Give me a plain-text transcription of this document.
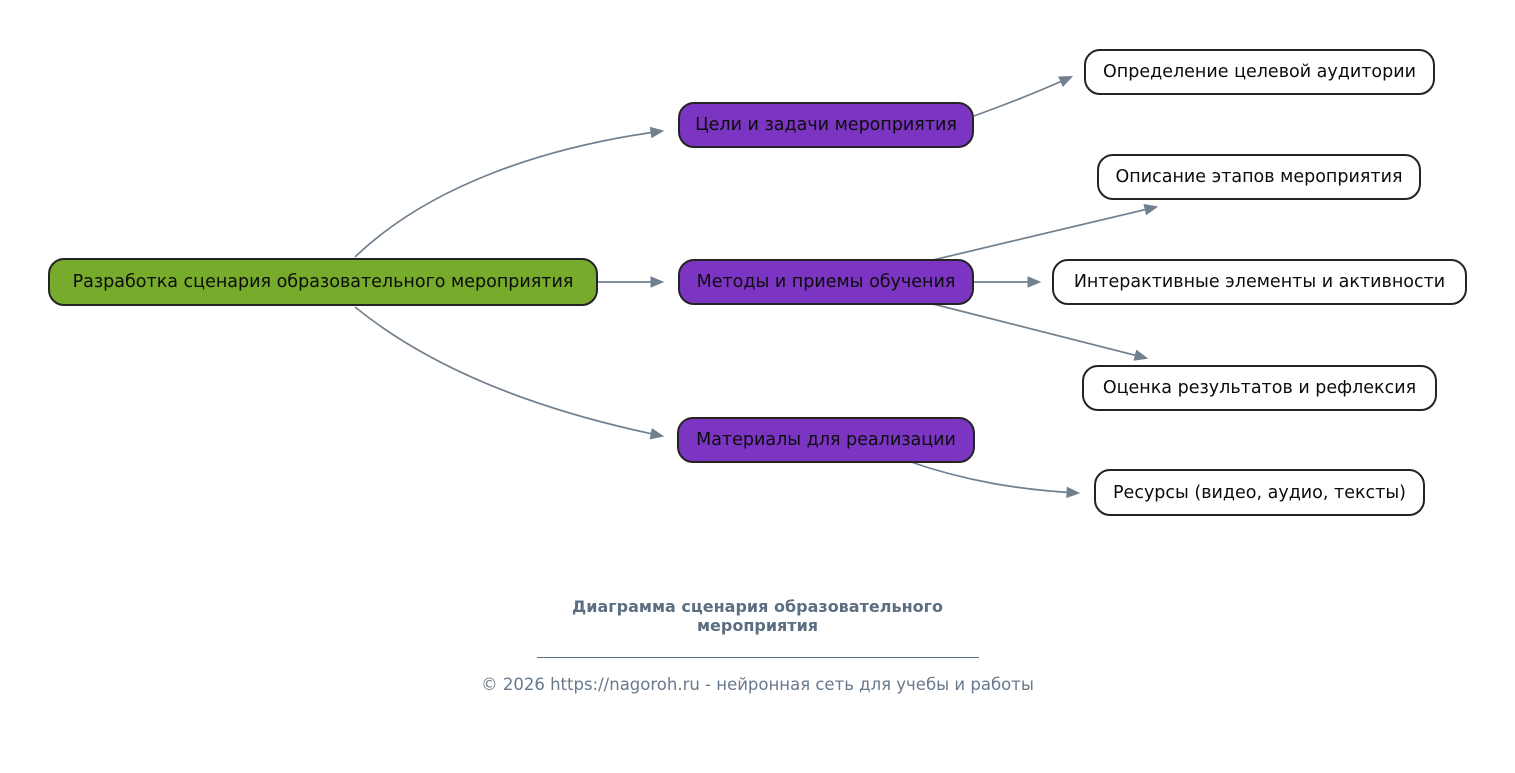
Разработка сценария образовательного мероприятия
Цели и задачи мероприятия
Методы и приемы обучения
Материалы для реализации
Определение целевой аудитории
Описание этапов мероприятия
Интерактивные элементы и активности
Оценка результатов и рефлексия
Ресурсы (видео, аудио, тексты)
Диаграмма сценария образовательного мероприятия
© 2026 https://nagoroh.ru - нейронная сеть для учебы и работы
